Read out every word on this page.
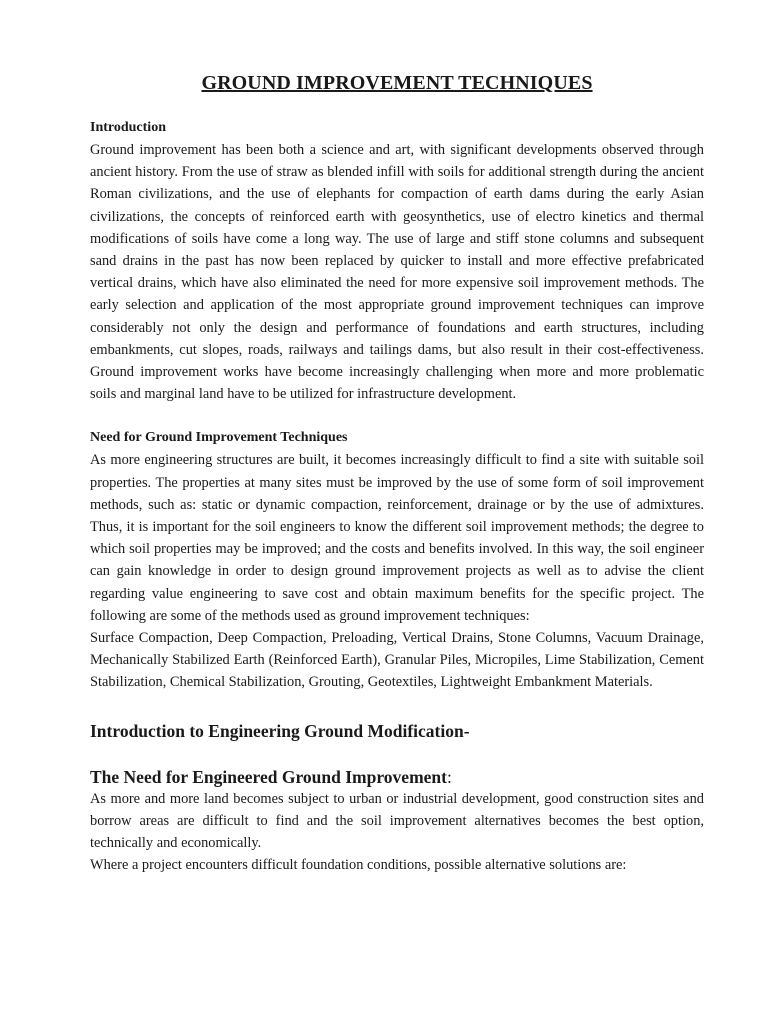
GROUND IMPROVEMENT TECHNIQUES

Introduction

Ground improvement has been both a science and art, with significant developments observed through ancient history. From the use of straw as blended infill with soils for additional strength during the ancient Roman civilizations, and the use of elephants for compaction of earth dams during the early Asian civilizations, the concepts of reinforced earth with geosynthetics, use of electro kinetics and thermal modifications of soils have come a long way. The use of large and stiff stone columns and subsequent sand drains in the past has now been replaced by quicker to install and more effective prefabricated vertical drains, which have also eliminated the need for more expensive soil improvement methods. The early selection and application of the most appropriate ground improvement techniques can improve considerably not only the design and performance of foundations and earth structures, including embankments, cut slopes, roads, railways and tailings dams, but also result in their cost-effectiveness. Ground improvement works have become increasingly challenging when more and more problematic soils and marginal land have to be utilized for infrastructure development.

Need for Ground Improvement Techniques

As more engineering structures are built, it becomes increasingly difficult to find a site with suitable soil properties. The properties at many sites must be improved by the use of some form of soil improvement methods, such as: static or dynamic compaction, reinforcement, drainage or by the use of admixtures. Thus, it is important for the soil engineers to know the different soil improvement methods; the degree to which soil properties may be improved; and the costs and benefits involved. In this way, the soil engineer can gain knowledge in order to design ground improvement projects as well as to advise the client regarding value engineering to save cost and obtain maximum benefits for the specific project. The following are some of the methods used as ground improvement techniques:

Surface Compaction, Deep Compaction, Preloading, Vertical Drains, Stone Columns, Vacuum Drainage, Mechanically Stabilized Earth (Reinforced Earth), Granular Piles, Micropiles, Lime Stabilization, Cement Stabilization, Chemical Stabilization, Grouting, Geotextiles, Lightweight Embankment Materials.

Introduction to Engineering Ground Modification-

The Need for Engineered Ground Improvement:

As more and more land becomes subject to urban or industrial development, good construction sites and borrow areas are difficult to find and the soil improvement alternatives becomes the best option, technically and economically.

Where a project encounters difficult foundation conditions, possible alternative solutions are:
